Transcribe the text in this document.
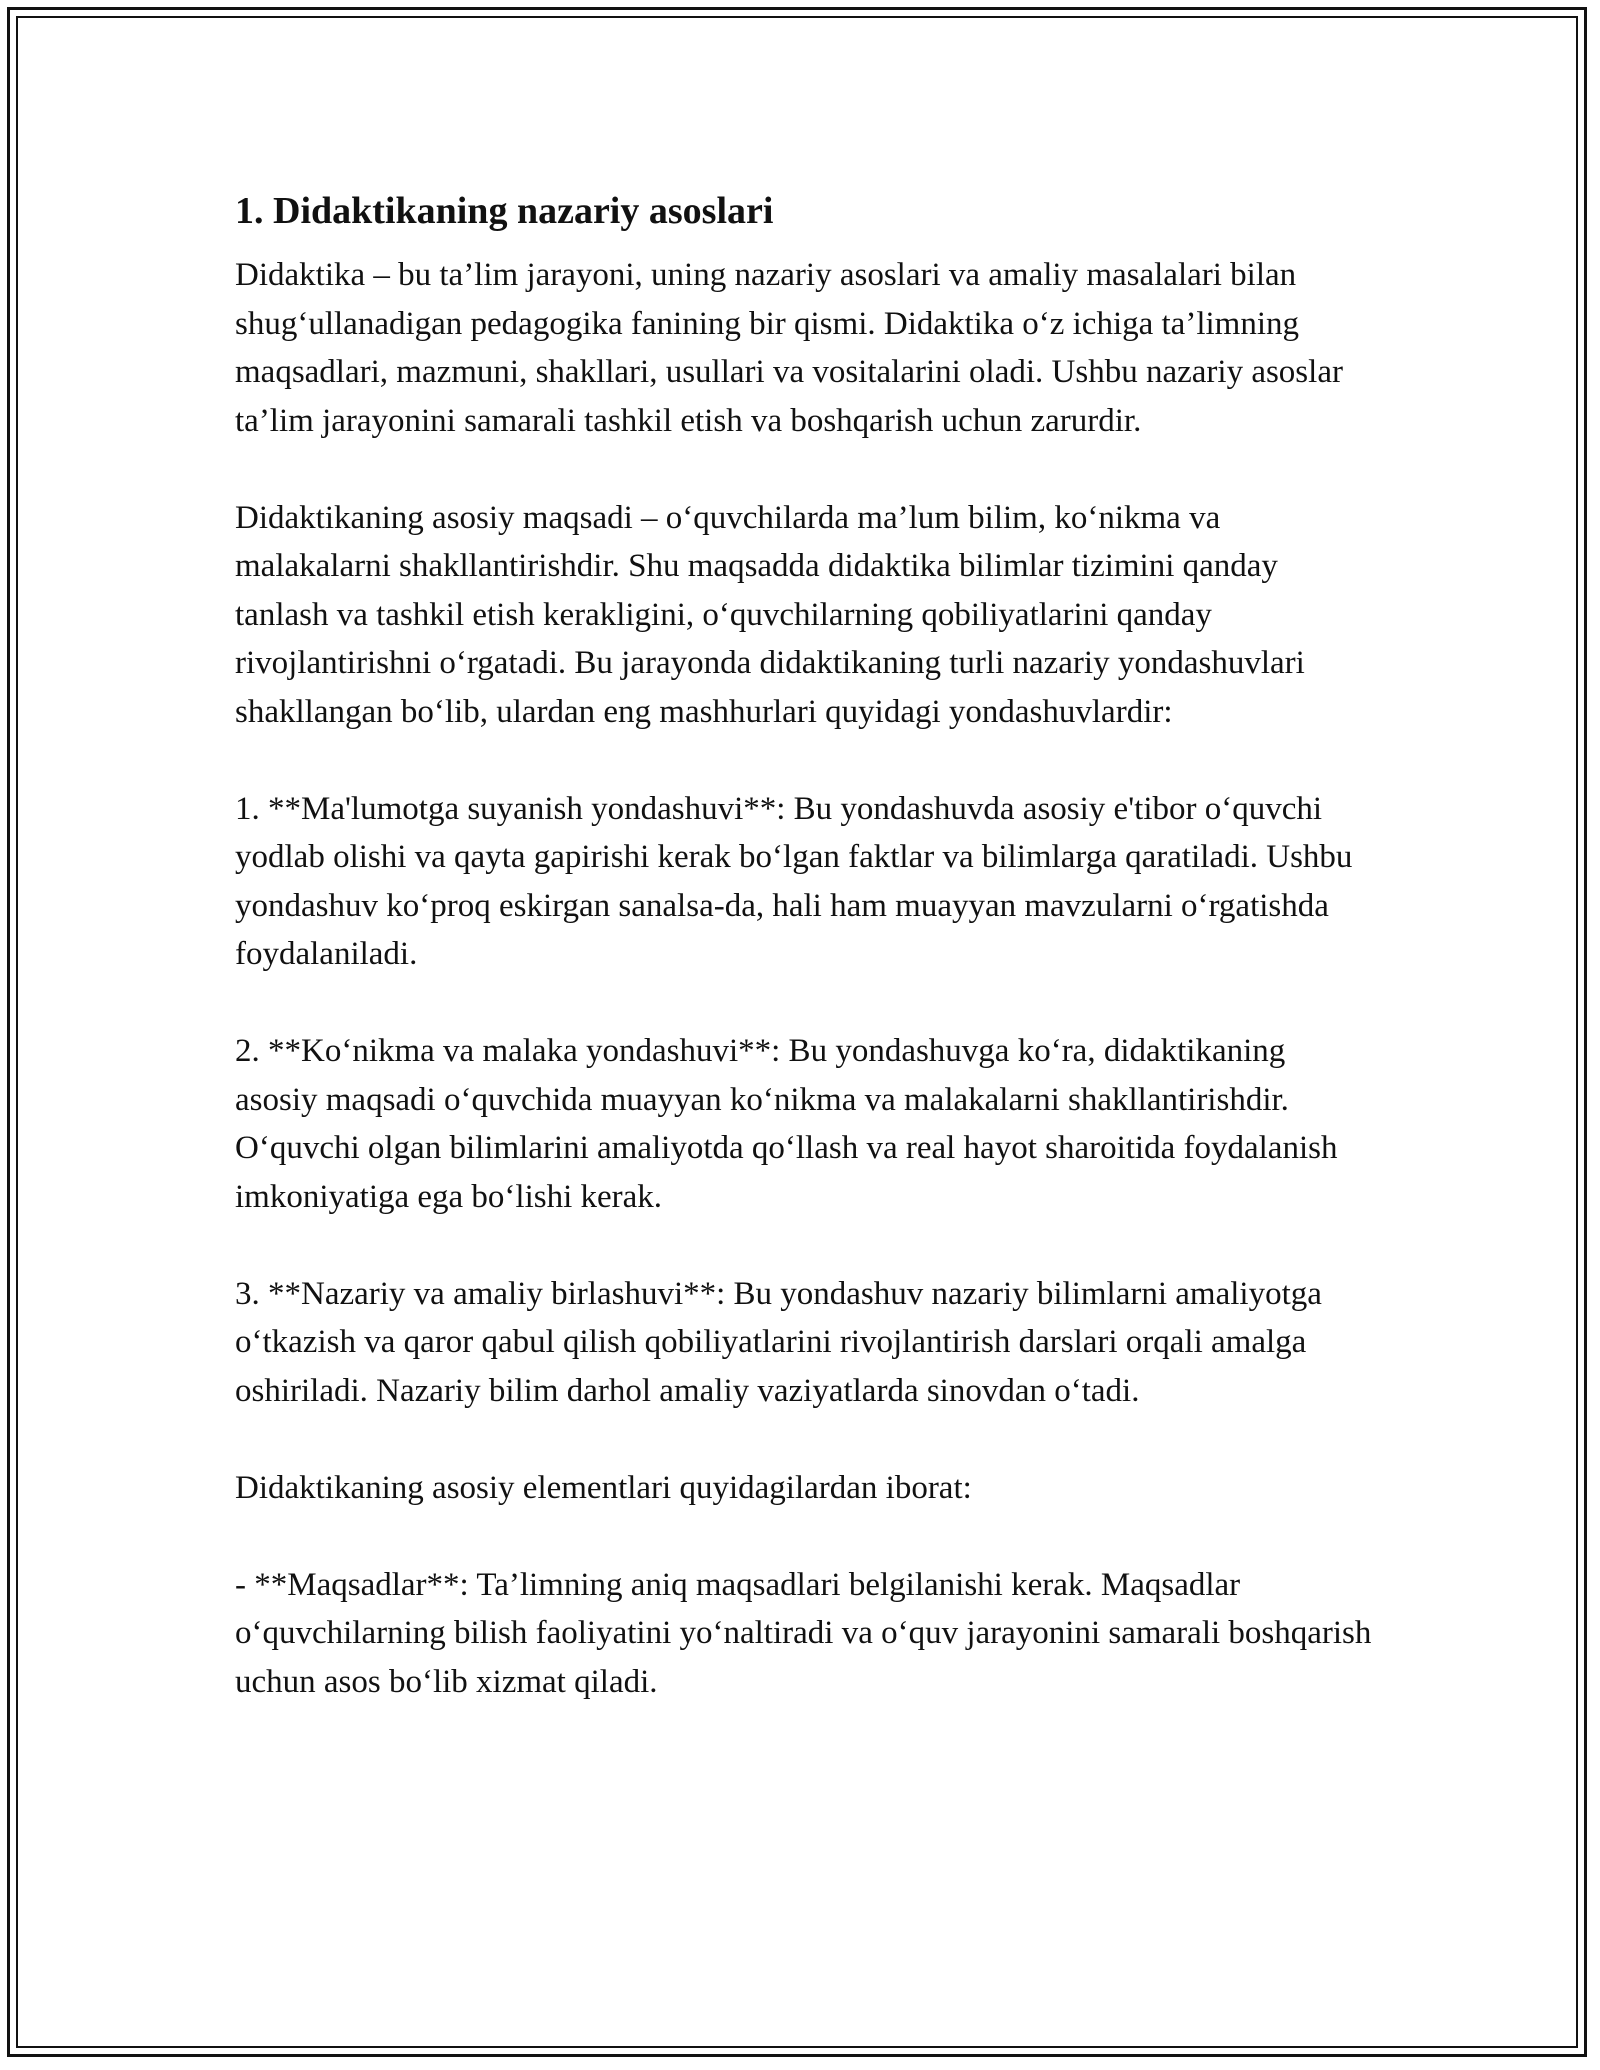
1. Didaktikaning nazariy asoslari

Didaktika – bu ta’lim jarayoni, uning nazariy asoslari va amaliy masalalari bilan shug‘ullanadigan pedagogika fanining bir qismi. Didaktika o‘z ichiga ta’limning maqsadlari, mazmuni, shakllari, usullari va vositalarini oladi. Ushbu nazariy asoslar ta’lim jarayonini samarali tashkil etish va boshqarish uchun zarurdir.

Didaktikaning asosiy maqsadi – o‘quvchilarda ma’lum bilim, ko‘nikma va malakalarni shakllantirishdir. Shu maqsadda didaktika bilimlar tizimini qanday tanlash va tashkil etish kerakligini, o‘quvchilarning qobiliyatlarini qanday rivojlantirishni o‘rgatadi. Bu jarayonda didaktikaning turli nazariy yondashuvlari shakllangan bo‘lib, ulardan eng mashhurlari quyidagi yondashuvlardir:

1. **Ma'lumotga suyanish yondashuvi**: Bu yondashuvda asosiy e'tibor o‘quvchi yodlab olishi va qayta gapirishi kerak bo‘lgan faktlar va bilimlarga qaratiladi. Ushbu yondashuv ko‘proq eskirgan sanalsa-da, hali ham muayyan mavzularni o‘rgatishda foydalaniladi.

2. **Ko‘nikma va malaka yondashuvi**: Bu yondashuvga ko‘ra, didaktikaning asosiy maqsadi o‘quvchida muayyan ko‘nikma va malakalarni shakllantirishdir. O‘quvchi olgan bilimlarini amaliyotda qo‘llash va real hayot sharoitida foydalanish imkoniyatiga ega bo‘lishi kerak.

3. **Nazariy va amaliy birlashuvi**: Bu yondashuv nazariy bilimlarni amaliyotga o‘tkazish va qaror qabul qilish qobiliyatlarini rivojlantirish darslari orqali amalga oshiriladi. Nazariy bilim darhol amaliy vaziyatlarda sinovdan o‘tadi.

Didaktikaning asosiy elementlari quyidagilardan iborat:

- **Maqsadlar**: Ta’limning aniq maqsadlari belgilanishi kerak. Maqsadlar o‘quvchilarning bilish faoliyatini yo‘naltiradi va o‘quv jarayonini samarali boshqarish uchun asos bo‘lib xizmat qiladi.
